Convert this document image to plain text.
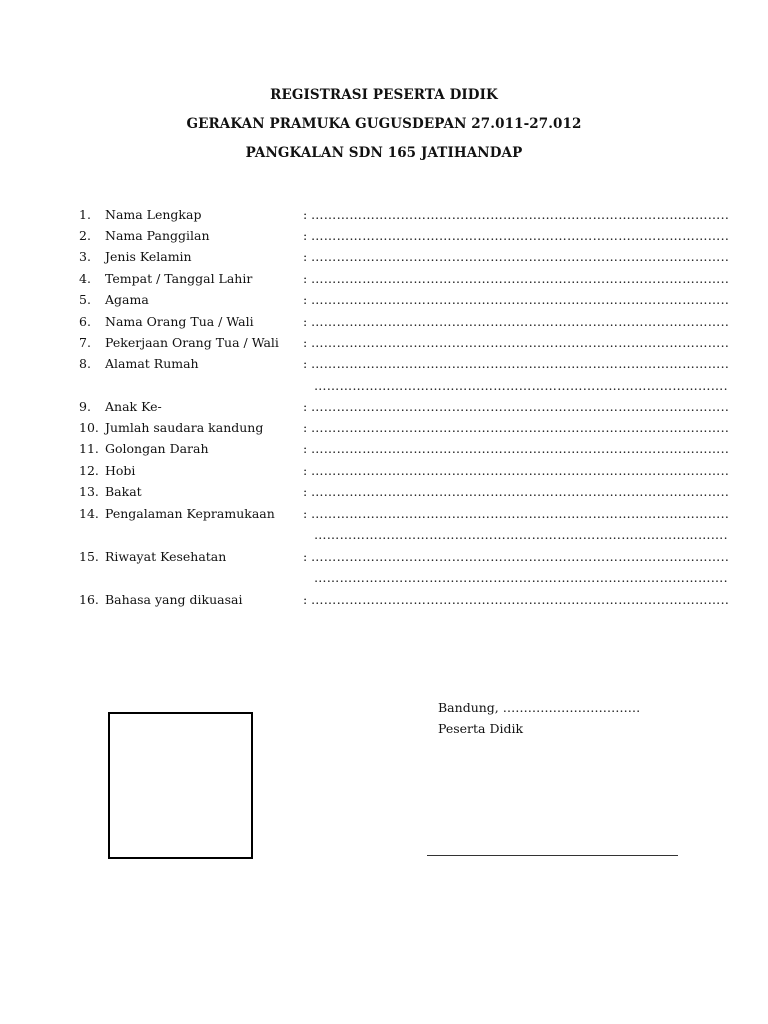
REGISTRASI PESERTA DIDIK
GERAKAN PRAMUKA GUGUSDEPAN 27.011-27.012
PANGKALAN SDN 165 JATIHANDAP
1.	Nama Lengkap	: ……………………………………………………………………………………..
2.	Nama Panggilan	: ……………………………………………………………………………………..
3.	Jenis Kelamin	: ……………………………………………………………………………………..
4.	Tempat / Tanggal Lahir	: ……………………………………………………………………………………..
5.	Agama	: ……………………………………………………………………………………..
6.	Nama Orang Tua / Wali	: ……………………………………………………………………………………..
7.	Pekerjaan Orang Tua / Wali : ……………………………………………………………………………………..
8.	Alamat Rumah	: ……………………………………………………………………………………..
…………………………………………………………………………………….
9.	Anak Ke-	: ……………………………………………………………………………………..
10. Jumlah saudara kandung	: ……………………………………………………………………………………..
11. Golongan Darah	: ……………………………………………………………………………………..
12. Hobi	: ……………………………………………………………………………………..
13. Bakat	: ……………………………………………………………………………………..
14. Pengalaman Kepramukaan : ……………………………………………………………………………………..
…………………………………………………………………………………….
15. Riwayat Kesehatan	: ……………………………………………………………………………………..
…………………………………………………………………………………….
16. Bahasa yang dikuasai	: ……………………………………………………………………………………..
Bandung, ……………………………
Peserta Didik
